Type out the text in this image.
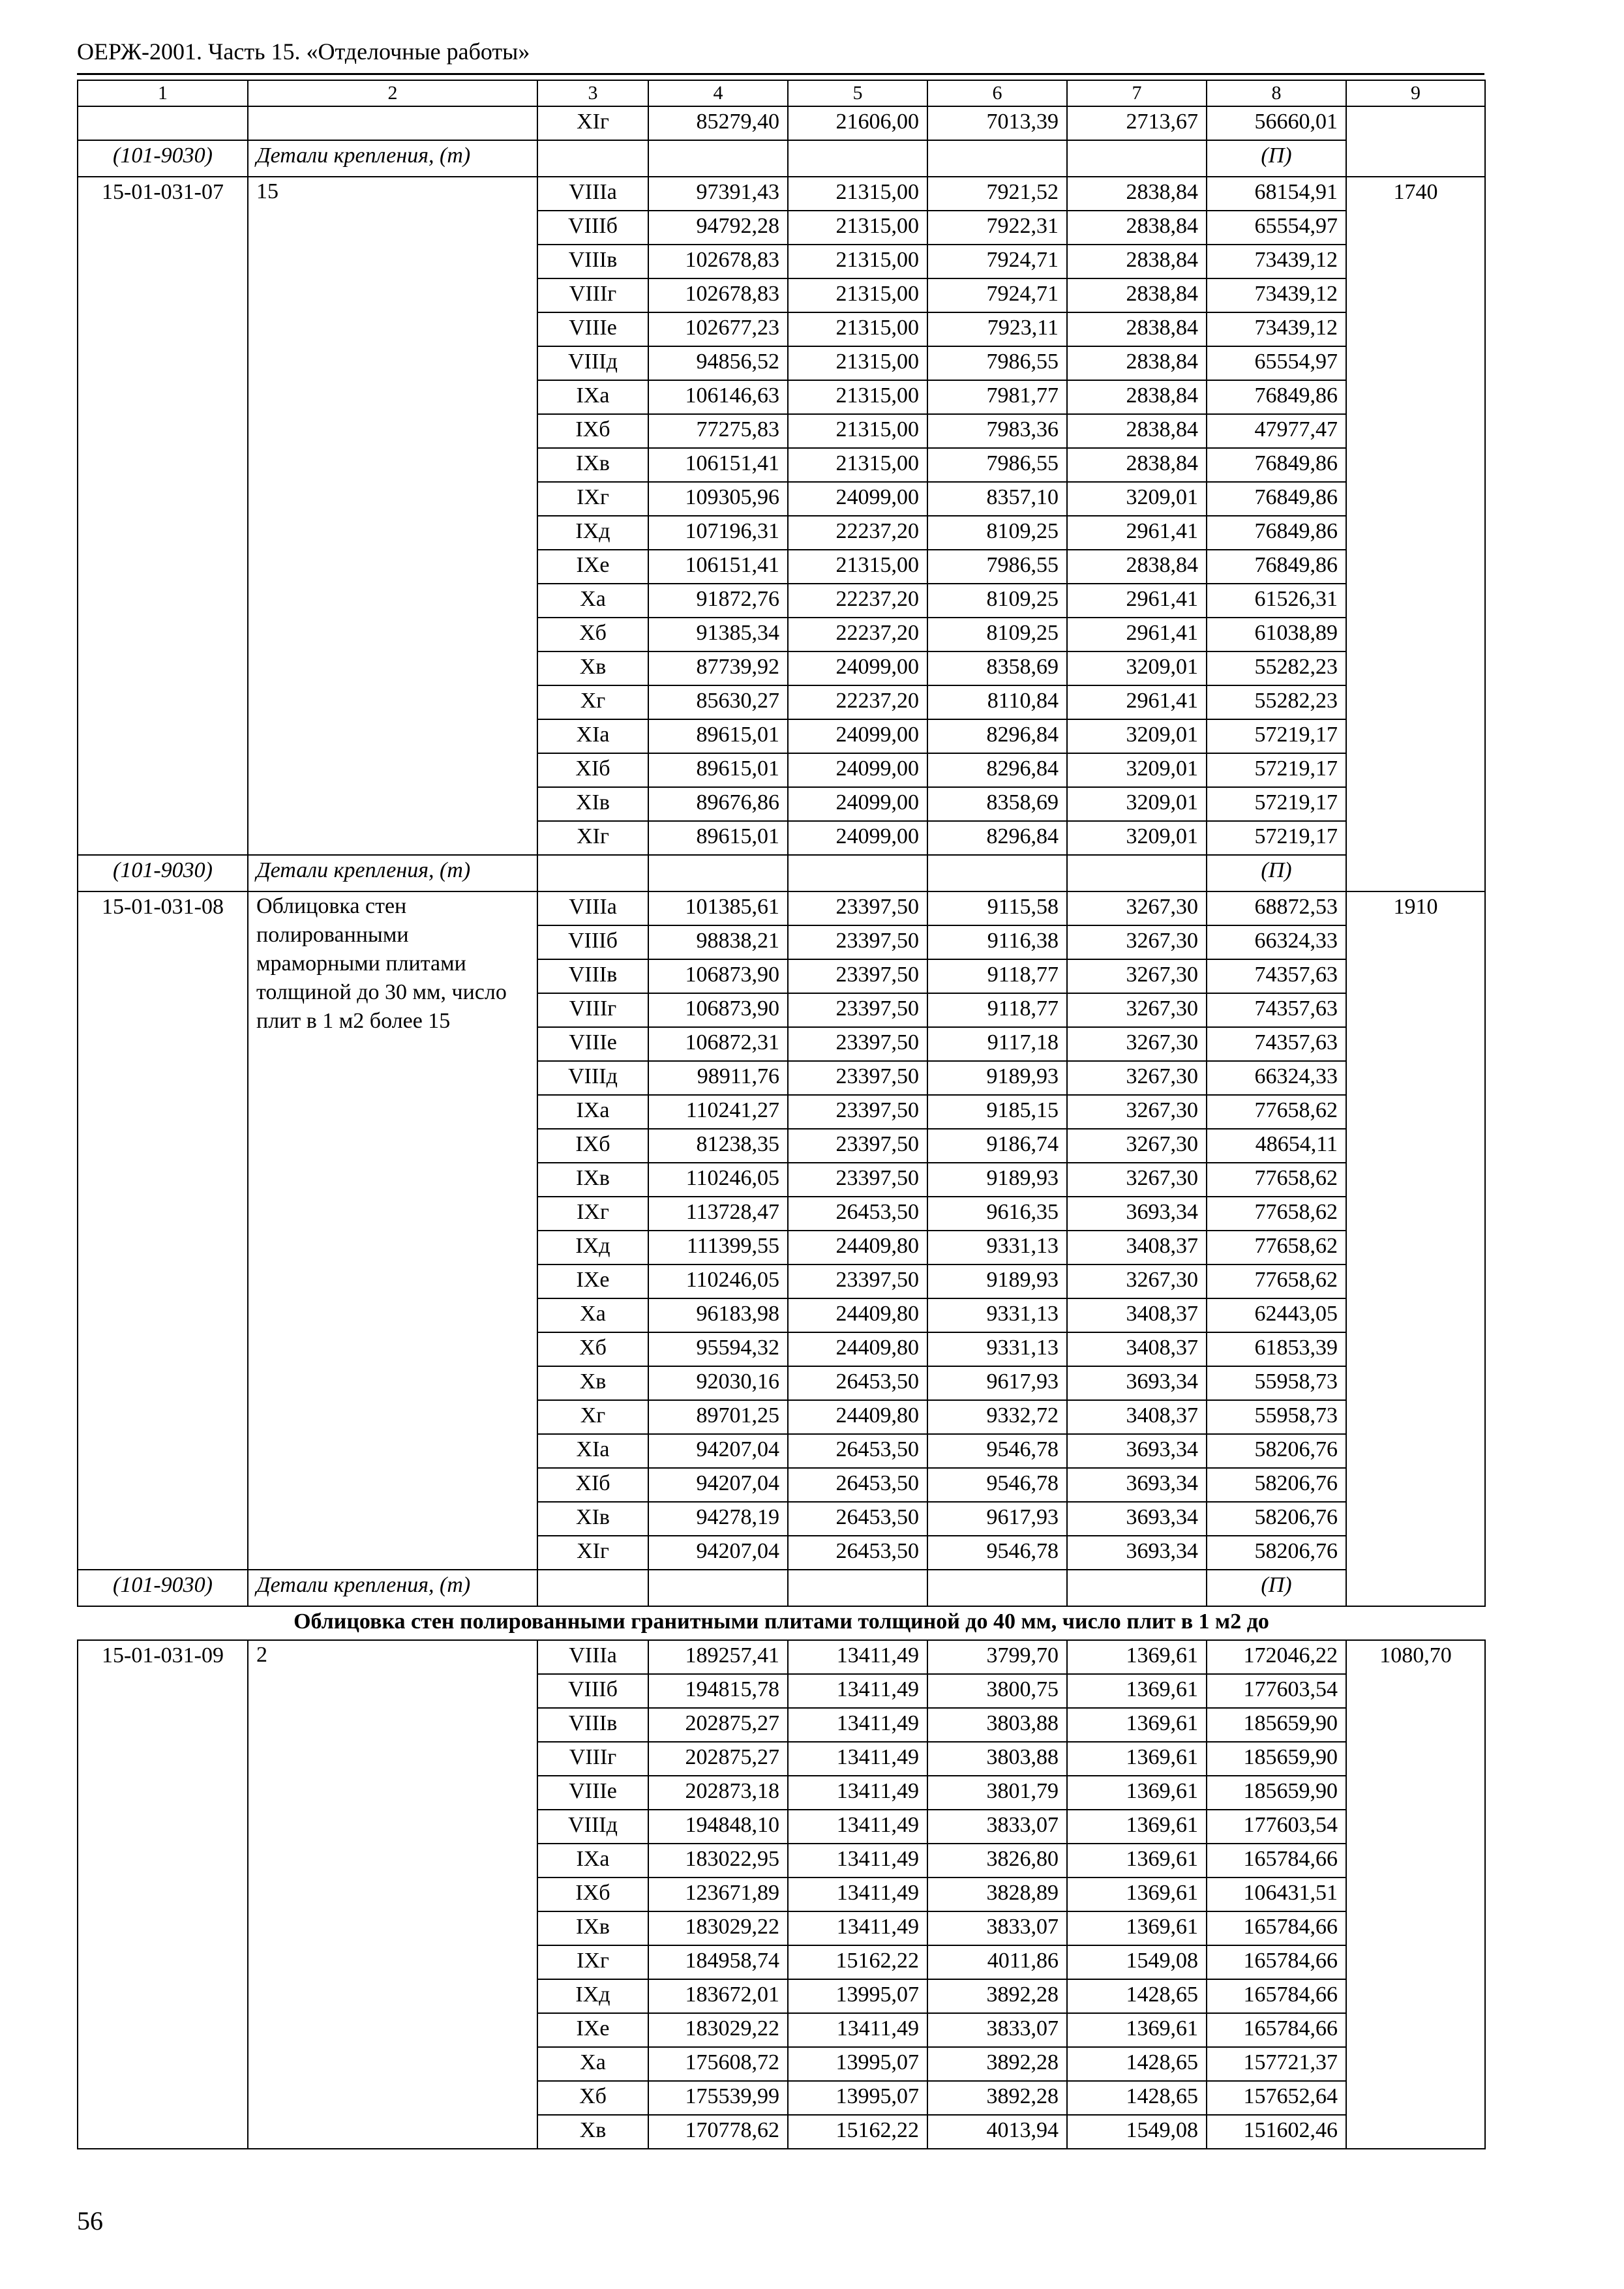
ОЕРЖ-2001. Часть 15. «Отделочные работы»
1	2	3	4	5	6	7	8	9
		XIг	85279,40	21606,00	7013,39	2713,67	56660,01	
(101-9030)	Детали крепления, (т)						(П)	
15-01-031-07	15	VIIIа	97391,43	21315,00	7921,52	2838,84	68154,91	1740
		VIIIб	94792,28	21315,00	7922,31	2838,84	65554,97	
		VIIIв	102678,83	21315,00	7924,71	2838,84	73439,12	
		VIIIг	102678,83	21315,00	7924,71	2838,84	73439,12	
		VIIIе	102677,23	21315,00	7923,11	2838,84	73439,12	
		VIIIд	94856,52	21315,00	7986,55	2838,84	65554,97	
		IXа	106146,63	21315,00	7981,77	2838,84	76849,86	
		IXб	77275,83	21315,00	7983,36	2838,84	47977,47	
		IXв	106151,41	21315,00	7986,55	2838,84	76849,86	
		IXг	109305,96	24099,00	8357,10	3209,01	76849,86	
		IXд	107196,31	22237,20	8109,25	2961,41	76849,86	
		IXе	106151,41	21315,00	7986,55	2838,84	76849,86	
		Xа	91872,76	22237,20	8109,25	2961,41	61526,31	
		Xб	91385,34	22237,20	8109,25	2961,41	61038,89	
		Xв	87739,92	24099,00	8358,69	3209,01	55282,23	
		Xг	85630,27	22237,20	8110,84	2961,41	55282,23	
		XIа	89615,01	24099,00	8296,84	3209,01	57219,17	
		XIб	89615,01	24099,00	8296,84	3209,01	57219,17	
		XIв	89676,86	24099,00	8358,69	3209,01	57219,17	
		XIг	89615,01	24099,00	8296,84	3209,01	57219,17	
(101-9030)	Детали крепления, (т)						(П)	
15-01-031-08	Облицовка стен полированными мраморными плитами толщиной до 30 мм, число плит в 1 м2 более 15	VIIIа	101385,61	23397,50	9115,58	3267,30	68872,53	1910
		VIIIб	98838,21	23397,50	9116,38	3267,30	66324,33	
		VIIIв	106873,90	23397,50	9118,77	3267,30	74357,63	
		VIIIг	106873,90	23397,50	9118,77	3267,30	74357,63	
		VIIIе	106872,31	23397,50	9117,18	3267,30	74357,63	
		VIIIд	98911,76	23397,50	9189,93	3267,30	66324,33	
		IXа	110241,27	23397,50	9185,15	3267,30	77658,62	
		IXб	81238,35	23397,50	9186,74	3267,30	48654,11	
		IXв	110246,05	23397,50	9189,93	3267,30	77658,62	
		IXг	113728,47	26453,50	9616,35	3693,34	77658,62	
		IXд	111399,55	24409,80	9331,13	3408,37	77658,62	
		IXе	110246,05	23397,50	9189,93	3267,30	77658,62	
		Xа	96183,98	24409,80	9331,13	3408,37	62443,05	
		Xб	95594,32	24409,80	9331,13	3408,37	61853,39	
		Xв	92030,16	26453,50	9617,93	3693,34	55958,73	
		Xг	89701,25	24409,80	9332,72	3408,37	55958,73	
		XIа	94207,04	26453,50	9546,78	3693,34	58206,76	
		XIб	94207,04	26453,50	9546,78	3693,34	58206,76	
		XIв	94278,19	26453,50	9617,93	3693,34	58206,76	
		XIг	94207,04	26453,50	9546,78	3693,34	58206,76	
(101-9030)	Детали крепления, (т)						(П)	
Облицовка стен полированными гранитными плитами толщиной до 40 мм, число плит в 1 м2 до								
15-01-031-09	2	VIIIа	189257,41	13411,49	3799,70	1369,61	172046,22	1080,70
		VIIIб	194815,78	13411,49	3800,75	1369,61	177603,54	
		VIIIв	202875,27	13411,49	3803,88	1369,61	185659,90	
		VIIIг	202875,27	13411,49	3803,88	1369,61	185659,90	
		VIIIе	202873,18	13411,49	3801,79	1369,61	185659,90	
		VIIIд	194848,10	13411,49	3833,07	1369,61	177603,54	
		IXа	183022,95	13411,49	3826,80	1369,61	165784,66	
		IXб	123671,89	13411,49	3828,89	1369,61	106431,51	
		IXв	183029,22	13411,49	3833,07	1369,61	165784,66	
		IXг	184958,74	15162,22	4011,86	1549,08	165784,66	
		IXд	183672,01	13995,07	3892,28	1428,65	165784,66	
		IXе	183029,22	13411,49	3833,07	1369,61	165784,66	
		Xа	175608,72	13995,07	3892,28	1428,65	157721,37	
		Xб	175539,99	13995,07	3892,28	1428,65	157652,64	
		Xв	170778,62	15162,22	4013,94	1549,08	151602,46	
56
